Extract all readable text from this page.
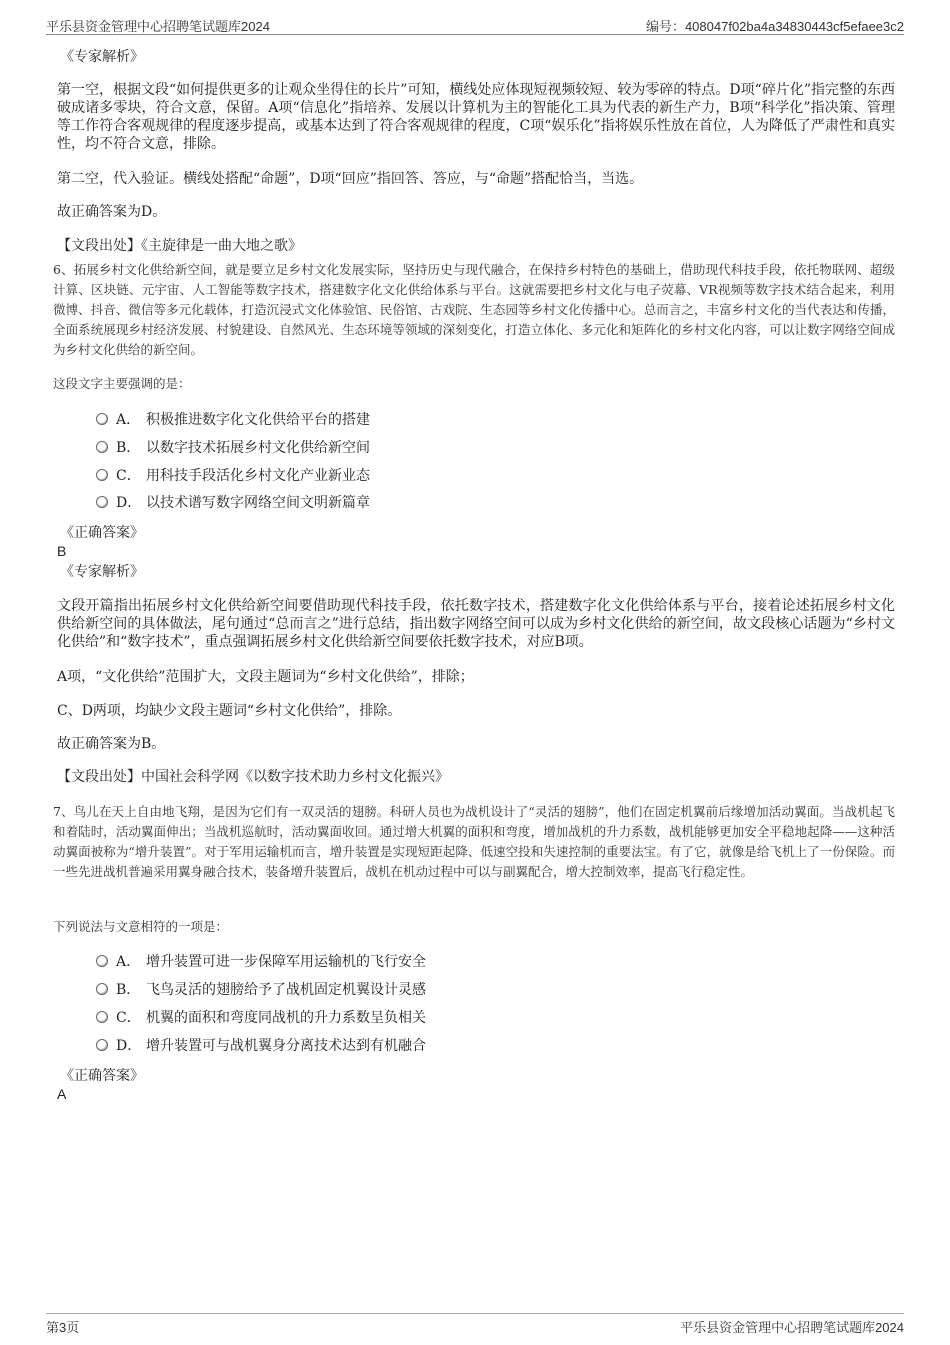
平乐县资金管理中心招聘笔试题库2024	编号：408047f02ba4a34830443cf5efaee3c2

《专家解析》

第一空，根据文段“如何提供更多的让观众坐得住的长片”可知，横线处应体现短视频较短、较为零碎的特点。D项“碎片化”指完整的东西破成诸多零块，符合文意，保留。A项“信息化”指培养、发展以计算机为主的智能化工具为代表的新生产力，B项“科学化”指决策、管理等工作符合客观规律的程度逐步提高，或基本达到了符合客观规律的程度，C项“娱乐化”指将娱乐性放在首位，人为降低了严肃性和真实性，均不符合文意，排除。

第二空，代入验证。横线处搭配“命题”，D项“回应”指回答、答应，与“命题”搭配恰当，当选。

故正确答案为D。

【文段出处】《主旋律是一曲大地之歌》

6、拓展乡村文化供给新空间，就是要立足乡村文化发展实际，坚持历史与现代融合，在保持乡村特色的基础上，借助现代科技手段，依托物联网、超级计算、区块链、元宇宙、人工智能等数字技术，搭建数字化文化供给体系与平台。这就需要把乡村文化与电子荧幕、VR视频等数字技术结合起来，利用微博、抖音、微信等多元化载体，打造沉浸式文化体验馆、民俗馆、古戏院、生态园等乡村文化传播中心。总而言之，丰富乡村文化的当代表达和传播，全面系统展现乡村经济发展、村貌建设、自然风光、生态环境等领域的深刻变化，打造立体化、多元化和矩阵化的乡村文化内容，可以让数字网络空间成为乡村文化供给的新空间。

这段文字主要强调的是：

A． 积极推进数字化文化供给平台的搭建
B． 以数字技术拓展乡村文化供给新空间
C． 用科技手段活化乡村文化产业新业态
D． 以技术谱写数字网络空间文明新篇章

《正确答案》

B

《专家解析》

文段开篇指出拓展乡村文化供给新空间要借助现代科技手段，依托数字技术，搭建数字化文化供给体系与平台，接着论述拓展乡村文化供给新空间的具体做法，尾句通过“总而言之”进行总结，指出数字网络空间可以成为乡村文化供给的新空间，故文段核心话题为“乡村文化供给”和“数字技术”，重点强调拓展乡村文化供给新空间要依托数字技术，对应B项。

A项，“文化供给”范围扩大，文段主题词为“乡村文化供给”，排除；

C、D两项，均缺少文段主题词“乡村文化供给”，排除。

故正确答案为B。

【文段出处】中国社会科学网《以数字技术助力乡村文化振兴》

7、鸟儿在天上自由地飞翔，是因为它们有一双灵活的翅膀。科研人员也为战机设计了“灵活的翅膀”，他们在固定机翼前后缘增加活动翼面。当战机起飞和着陆时，活动翼面伸出；当战机巡航时，活动翼面收回。通过增大机翼的面积和弯度，增加战机的升力系数，战机能够更加安全平稳地起降——这种活动翼面被称为“增升装置”。对于军用运输机而言，增升装置是实现短距起降、低速空投和失速控制的重要法宝。有了它，就像是给飞机上了一份保险。而一些先进战机普遍采用翼身融合技术，装备增升装置后，战机在机动过程中可以与副翼配合，增大控制效率，提高飞行稳定性。

下列说法与文意相符的一项是：

A． 增升装置可进一步保障军用运输机的飞行安全
B． 飞鸟灵活的翅膀给予了战机固定机翼设计灵感
C． 机翼的面积和弯度同战机的升力系数呈负相关
D． 增升装置可与战机翼身分离技术达到有机融合

《正确答案》

A

第3页	平乐县资金管理中心招聘笔试题库2024
